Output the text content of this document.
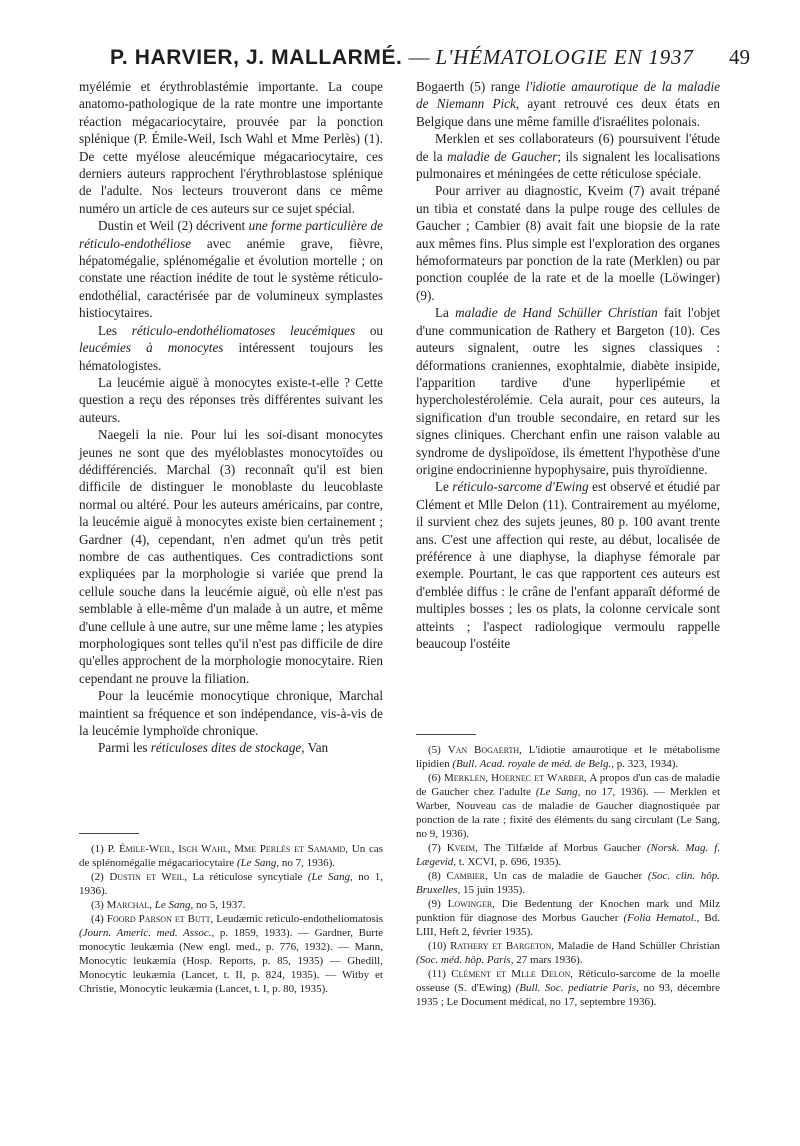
P. HARVIER, J. MALLARMÉ. — L'HÉMATOLOGIE EN 1937 49

myélémie et érythroblastémie importante. La coupe anatomo-pathologique de la rate montre une importante réaction mégacariocytaire, prouvée par la ponction splénique (P. Émile-Weil, Isch Wahl et Mme Perlès) (1). De cette myélose aleucémique mégacariocytaire, ces derniers auteurs rapprochent l'érythroblastose splénique de l'adulte. Nos lecteurs trouveront dans ce même numéro un article de ces auteurs sur ce sujet spécial.

Dustin et Weil (2) décrivent une forme particulière de réticulo-endothéliose avec anémie grave, fièvre, hépatomégalie, splénomégalie et évolution mortelle ; on constate une réaction inédite de tout le système réticulo-endothélial, caractérisée par de volumineux symplastes histiocytaires.

Les réticulo-endothéliomatoses leucémiques ou leucémies à monocytes intéressent toujours les hématologistes.

La leucémie aiguë à monocytes existe-t-elle ? Cette question a reçu des réponses très différentes suivant les auteurs.

Naegeli la nie. Pour lui les soi-disant monocytes jeunes ne sont que des myéloblastes monocytoïdes ou dédifférenciés. Marchal (3) reconnaît qu'il est bien difficile de distinguer le monoblaste du leucoblaste normal ou altéré. Pour les auteurs américains, par contre, la leucémie aiguë à monocytes existe bien certainement ; Gardner (4), cependant, n'en admet qu'un très petit nombre de cas authentiques. Ces contradictions sont expliquées par la morphologie si variée que prend la cellule souche dans la leucémie aiguë, où elle n'est pas semblable à elle-même d'un malade à un autre, et même d'une cellule à une autre, sur une même lame ; les atypies morphologiques sont telles qu'il n'est pas difficile de dire qu'elles approchent de la morphologie monocytaire. Rien cependant ne prouve la filiation.

Pour la leucémie monocytique chronique, Marchal maintient sa fréquence et son indépendance, vis-à-vis de la leucémie lymphoïde chronique.

Parmi les réticuloses dites de stockage, Van

Bogaerth (5) range l'idiotie amaurotique de la maladie de Niemann Pick, ayant retrouvé ces deux états en Belgique dans une même famille d'israélites polonais.

Merklen et ses collaborateurs (6) poursuivent l'étude de la maladie de Gaucher; ils signalent les localisations pulmonaires et méningées de cette réticulose spéciale.

Pour arriver au diagnostic, Kveim (7) avait trépané un tibia et constaté dans la pulpe rouge des cellules de Gaucher ; Cambier (8) avait fait une biopsie de la rate aux mêmes fins. Plus simple est l'exploration des organes hémoformateurs par ponction de la rate (Merklen) ou par ponction couplée de la rate et de la moelle (Löwinger) (9).

La maladie de Hand Schüller Christian fait l'objet d'une communication de Rathery et Bargeton (10). Ces auteurs signalent, outre les signes classiques : déformations craniennes, exophtalmie, diabète insipide, l'apparition tardive d'une hyperlipémie et hypercholestérolémie. Cela aurait, pour ces auteurs, la signification d'un trouble secondaire, en retard sur les signes cliniques. Cherchant enfin une raison valable au syndrome de dyslipoïdose, ils émettent l'hypothèse d'une origine endocrinienne hypophysaire, puis thyroïdienne.

Le réticulo-sarcome d'Ewing est observé et étudié par Clément et Mlle Delon (11). Contrairement au myélome, il survient chez des sujets jeunes, 80 p. 100 avant trente ans. C'est une affection qui reste, au début, localisée de préférence à une diaphyse, la diaphyse fémorale par exemple. Pourtant, le cas que rapportent ces auteurs est d'emblée diffus : le crâne de l'enfant apparaît déformé de multiples bosses ; les os plats, la colonne cervicale sont atteints ; l'aspect radiologique vermoulu rappelle beaucoup l'ostéite

(1) P. Émile-Weil, Isch Wahl, Mme Perlès et Samamd, Un cas de splénomégalie mégacariocytaire (Le Sang, no 7, 1936).

(2) Dustin et Weil, La réticulose syncytiale (Le Sang, no 1, 1936).

(3) Marchal, Le Sang, no 5, 1937.

(4) Foord Parson et Butt, Leudæmic reticulo-endotheliomatosis (Journ. Americ. med. Assoc., p. 1859, 1933). — Gardner, Burte monocytic leukæmia (New engl. med., p. 776, 1932). — Mann, Monocytic leukæmia (Hosp. Reports, p. 85, 1935) — Ghedill, Monocytic leukæmia (Lancet, t. II, p. 824, 1935). — Witby et Christie, Monocytic leukæmia (Lancet, t. I, p. 80, 1935).

(5) Van Bogaerth, L'idiotie amaurotique et le métabolisme lipidien (Bull. Acad. royale de méd. de Belg., p. 323, 1934).

(6) Merklen, Hoernec et Warber, A propos d'un cas de maladie de Gaucher chez l'adulte (Le Sang, no 17, 1936). — Merklen et Warber, Nouveau cas de maladie de Gaucher diagnostiquée par ponction de la rate ; fixité des éléments du sang circulant (Le Sang, no 9, 1936).

(7) Kveim, The Tilfælde af Morbus Gaucher (Norsk. Mag. f. Lægevid, t. XCVI, p. 696, 1935).

(8) Cambier, Un cas de maladie de Gaucher (Soc. clin. hôp. Bruxelles, 15 juin 1935).

(9) Lowinger, Die Bedentung der Knochen mark und Milz punktion für diagnose des Morbus Gaucher (Folia Hematol., Bd. LIII, Heft 2, février 1935).

(10) Rathery et Bargeton, Maladie de Hand Schüller Christian (Soc. méd. hôp. Paris, 27 mars 1936).

(11) Clément et Mlle Delon, Réticulo-sarcome de la moelle osseuse (S. d'Ewing) (Bull. Soc. pediatrie Paris, no 93, décembre 1935 ; Le Document médical, no 17, septembre 1936).
